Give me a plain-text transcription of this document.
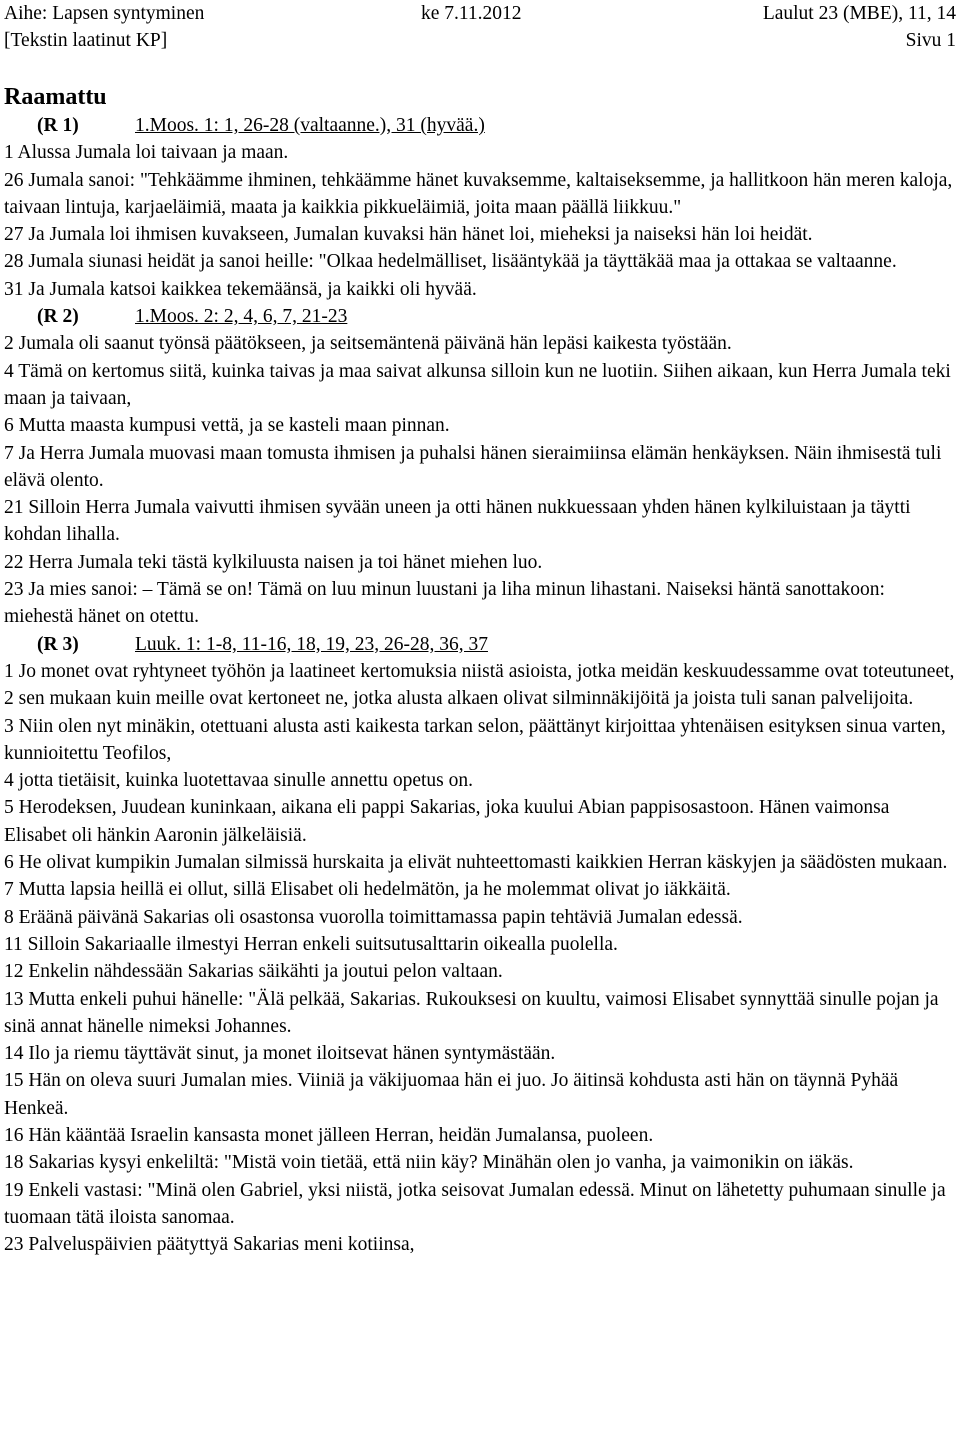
Aihe: Lapsen syntyminen	ke 7.11.2012	Laulut 23 (MBE), 11, 14
[Tekstin laatinut KP]	Sivu 1
Raamattu
(R 1)	1.Moos. 1: 1, 26-28 (valtaanne.), 31 (hyvää.)

1 Alussa Jumala loi taivaan ja maan.

26 Jumala sanoi: "Tehkäämme ihminen, tehkäämme hänet kuvaksemme, kaltaiseksemme, ja hallitkoon hän meren kaloja, taivaan lintuja, karjaeläimiä, maata ja kaikkia pikkueläimiä, joita maan päällä liikkuu."

27 Ja Jumala loi ihmisen kuvakseen, Jumalan kuvaksi hän hänet loi, mieheksi ja naiseksi hän loi heidät.

28 Jumala siunasi heidät ja sanoi heille: "Olkaa hedelmälliset, lisääntykää ja täyttäkää maa ja ottakaa se valtaanne.

31 Ja Jumala katsoi kaikkea tekemäänsä, ja kaikki oli hyvää.

(R 2)	1.Moos. 2: 2, 4, 6, 7, 21-23

2 Jumala oli saanut työnsä päätökseen, ja seitsemäntenä päivänä hän lepäsi kaikesta työstään.

4 Tämä on kertomus siitä, kuinka taivas ja maa saivat alkunsa silloin kun ne luotiin. Siihen aikaan, kun Herra Jumala teki maan ja taivaan,

6 Mutta maasta kumpusi vettä, ja se kasteli maan pinnan.

7 Ja Herra Jumala muovasi maan tomusta ihmisen ja puhalsi hänen sieraimiinsa elämän henkäyksen. Näin ihmisestä tuli elävä olento.

21 Silloin Herra Jumala vaivutti ihmisen syvään uneen ja otti hänen nukkuessaan yhden hänen kylkiluistaan ja täytti kohdan lihalla.

22 Herra Jumala teki tästä kylkiluusta naisen ja toi hänet miehen luo.

23 Ja mies sanoi: – Tämä se on! Tämä on luu minun luustani ja liha minun lihastani. Naiseksi häntä sanottakoon: miehestä hänet on otettu.

(R 3)	Luuk. 1: 1-8, 11-16, 18, 19, 23, 26-28, 36, 37

1 Jo monet ovat ryhtyneet työhön ja laatineet kertomuksia niistä asioista, jotka meidän keskuudessamme ovat toteutuneet,

2 sen mukaan kuin meille ovat kertoneet ne, jotka alusta alkaen olivat silminnäkijöitä ja joista tuli sanan palvelijoita.

3 Niin olen nyt minäkin, otettuani alusta asti kaikesta tarkan selon, päättänyt kirjoittaa yhtenäisen esityksen sinua varten, kunnioitettu Teofilos,

4 jotta tietäisit, kuinka luotettavaa sinulle annettu opetus on.

5 Herodeksen, Juudean kuninkaan, aikana eli pappi Sakarias, joka kuului Abian pappisosastoon. Hänen vaimonsa Elisabet oli hänkin Aaronin jälkeläisiä.

6 He olivat kumpikin Jumalan silmissä hurskaita ja elivät nuhteettomasti kaikkien Herran käskyjen ja säädösten mukaan.

7 Mutta lapsia heillä ei ollut, sillä Elisabet oli hedelmätön, ja he molemmat olivat jo iäkkäitä.

8 Eräänä päivänä Sakarias oli osastonsa vuorolla toimittamassa papin tehtäviä Jumalan edessä.

11 Silloin Sakariaalle ilmestyi Herran enkeli suitsutusalttarin oikealla puolella.

12 Enkelin nähdessään Sakarias säikähti ja joutui pelon valtaan.

13 Mutta enkeli puhui hänelle: "Älä pelkää, Sakarias. Rukouksesi on kuultu, vaimosi Elisabet synnyttää sinulle pojan ja sinä annat hänelle nimeksi Johannes.

14 Ilo ja riemu täyttävät sinut, ja monet iloitsevat hänen syntymästään.

15 Hän on oleva suuri Jumalan mies. Viiniä ja väkijuomaa hän ei juo. Jo äitinsä kohdusta asti hän on täynnä Pyhää Henkeä.

16 Hän kääntää Israelin kansasta monet jälleen Herran, heidän Jumalansa, puoleen.

18 Sakarias kysyi enkeliltä: "Mistä voin tietää, että niin käy? Minähän olen jo vanha, ja vaimonikin on iäkäs.

19 Enkeli vastasi: "Minä olen Gabriel, yksi niistä, jotka seisovat Jumalan edessä. Minut on lähetetty puhumaan sinulle ja tuomaan tätä iloista sanomaa.

23 Palveluspäivien päätyttyä Sakarias meni kotiinsa,
